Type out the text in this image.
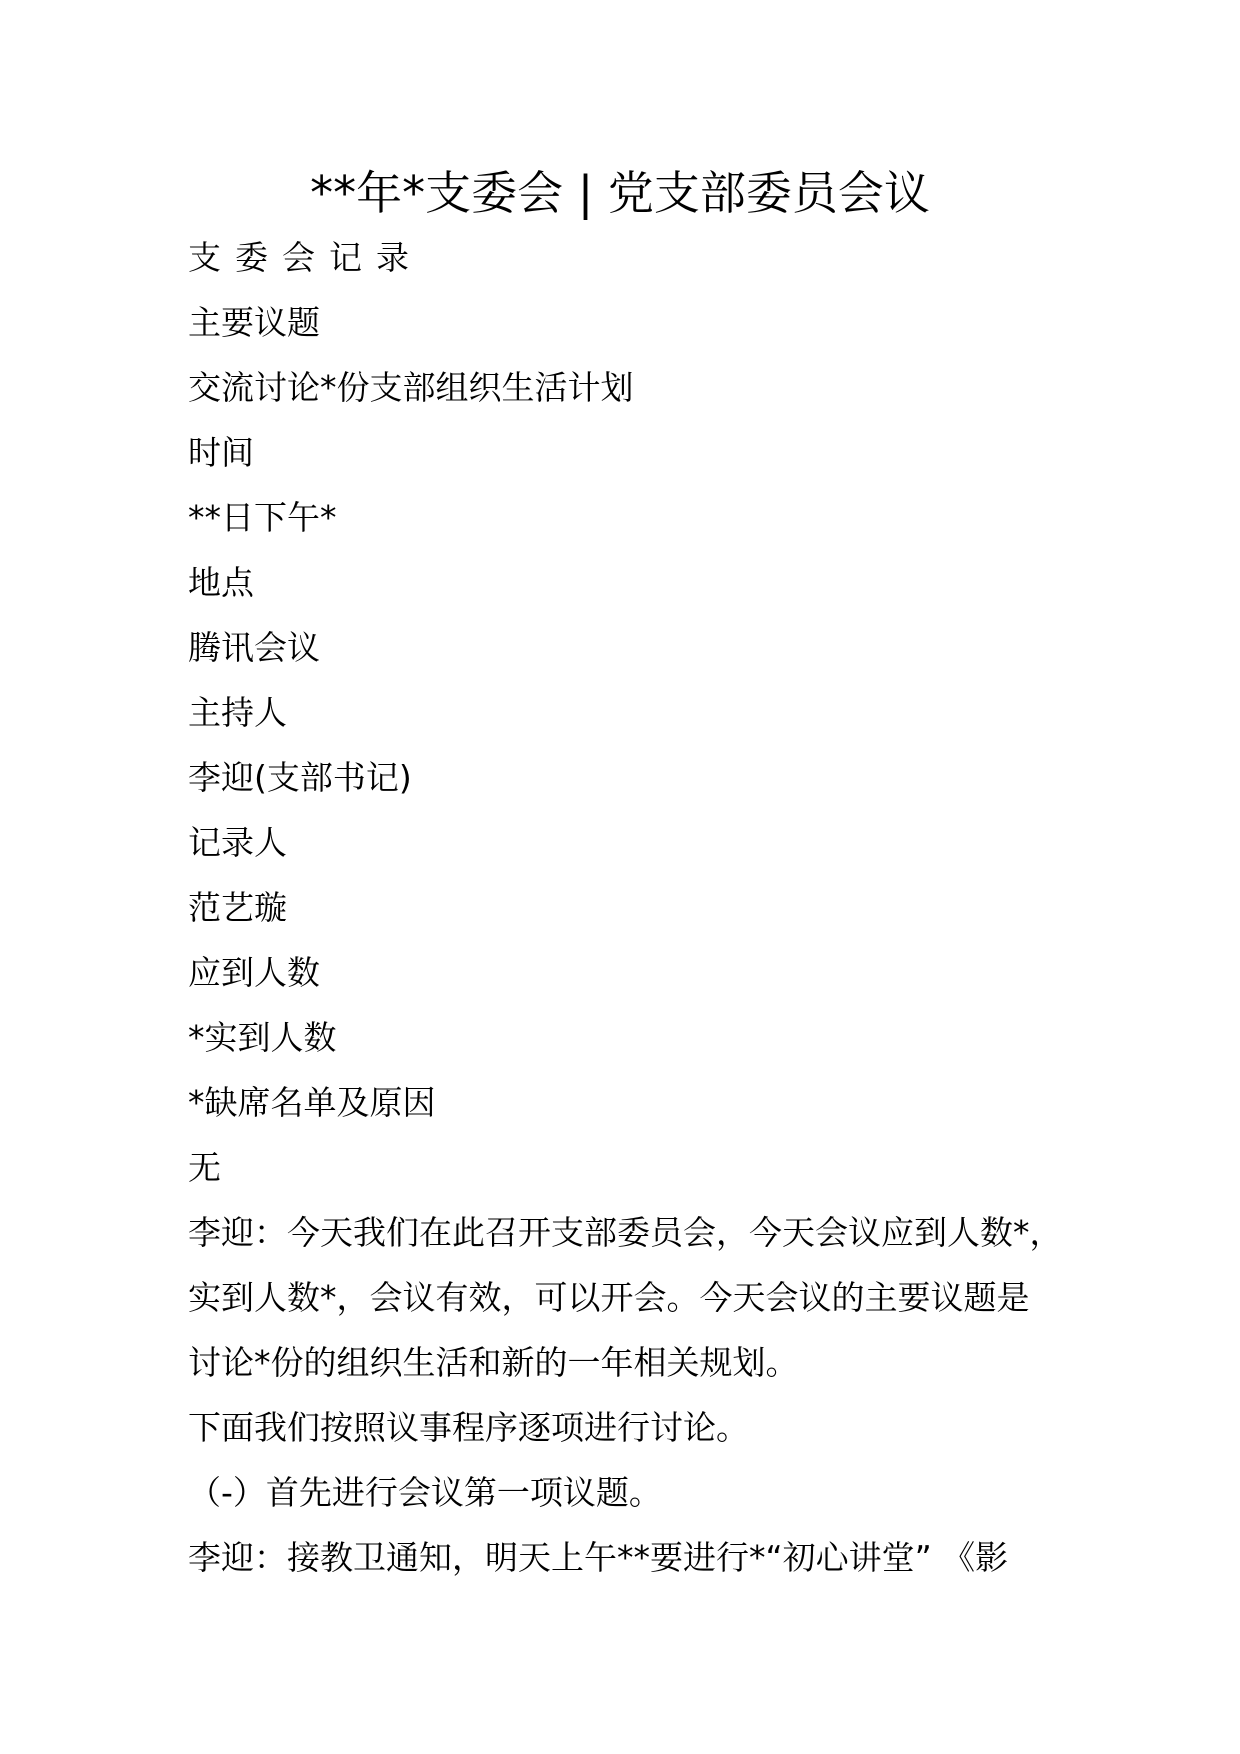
**年*支委会 | 党支部委员会议
支委会记录
主要议题
交流讨论*份支部组织生活计划
时间
**日下午*
地点
腾讯会议
主持人
李迎(支部书记)
记录人
范艺璇
应到人数
*实到人数
*缺席名单及原因
无
李迎：今天我们在此召开支部委员会，今天会议应到人数*，
实到人数*，会议有效，可以开会。今天会议的主要议题是
讨论*份的组织生活和新的一年相关规划。
下面我们按照议事程序逐项进行讨论。
（-）首先进行会议第一项议题。
李迎：接教卫通知，明天上午**要进行*“初心讲堂” 《影
